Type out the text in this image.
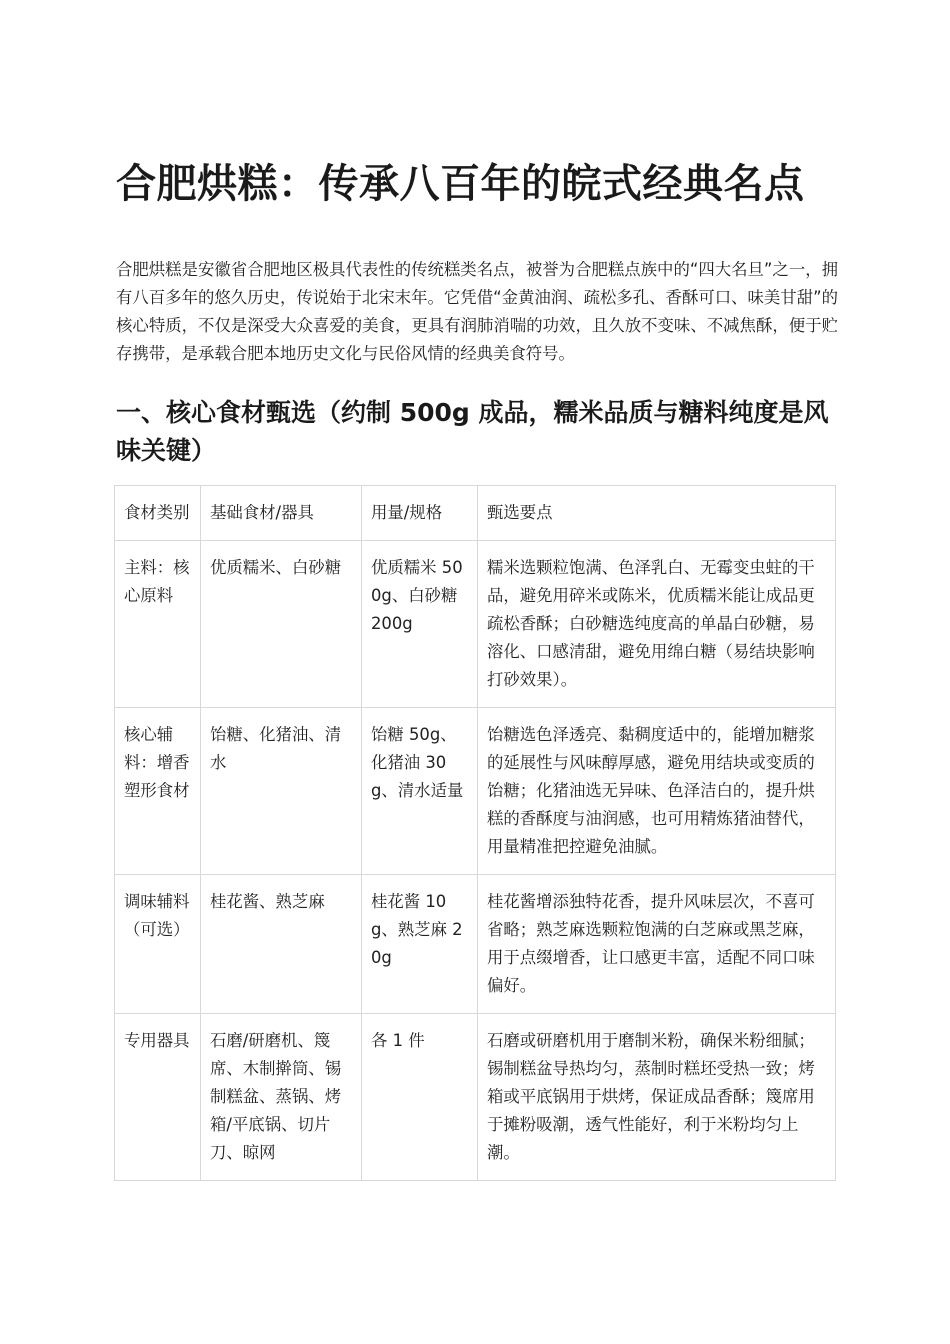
合肥烘糕：传承八百年的皖式经典名点

合肥烘糕是安徽省合肥地区极具代表性的传统糕类名点，被誉为合肥糕点族中的“四大名旦”之一，拥有八百多年的悠久历史，传说始于北宋末年。它凭借“金黄油润、疏松多孔、香酥可口、味美甘甜”的核心特质，不仅是深受大众喜爱的美食，更具有润肺消喘的功效，且久放不变味、不减焦酥，便于贮存携带，是承载合肥本地历史文化与民俗风情的经典美食符号。

一、核心食材甄选（约制 500g 成品，糯米品质与糖料纯度是风味关键）
食材类别	基础食材/器具	用量/规格	甄选要点
主料：核心原料	优质糯米、白砂糖	优质糯米 500g、白砂糖 200g	糯米选颗粒饱满、色泽乳白、无霉变虫蛀的干品，避免用碎米或陈米，优质糯米能让成品更疏松香酥；白砂糖选纯度高的单晶白砂糖，易溶化、口感清甜，避免用绵白糖（易结块影响打砂效果）。
核心辅料：增香塑形食材	饴糖、化猪油、清水	饴糖 50g、化猪油 30g、清水适量	饴糖选色泽透亮、黏稠度适中的，能增加糖浆的延展性与风味醇厚感，避免用结块或变质的饴糖；化猪油选无异味、色泽洁白的，提升烘糕的香酥度与油润感，也可用精炼猪油替代，用量精准把控避免油腻。
调味辅料（可选）	桂花酱、熟芝麻	桂花酱 10g、熟芝麻 20g	桂花酱增添独特花香，提升风味层次，不喜可省略；熟芝麻选颗粒饱满的白芝麻或黑芝麻，用于点缀增香，让口感更丰富，适配不同口味偏好。
专用器具	石磨/研磨机、篾席、木制擀筒、锡制糕盆、蒸锅、烤箱/平底锅、切片刀、晾网	各 1 件	石磨或研磨机用于磨制米粉，确保米粉细腻；锡制糕盆导热均匀，蒸制时糕坯受热一致；烤箱或平底锅用于烘烤，保证成品香酥；篾席用于摊粉吸潮，透气性能好，利于米粉均匀上潮。
